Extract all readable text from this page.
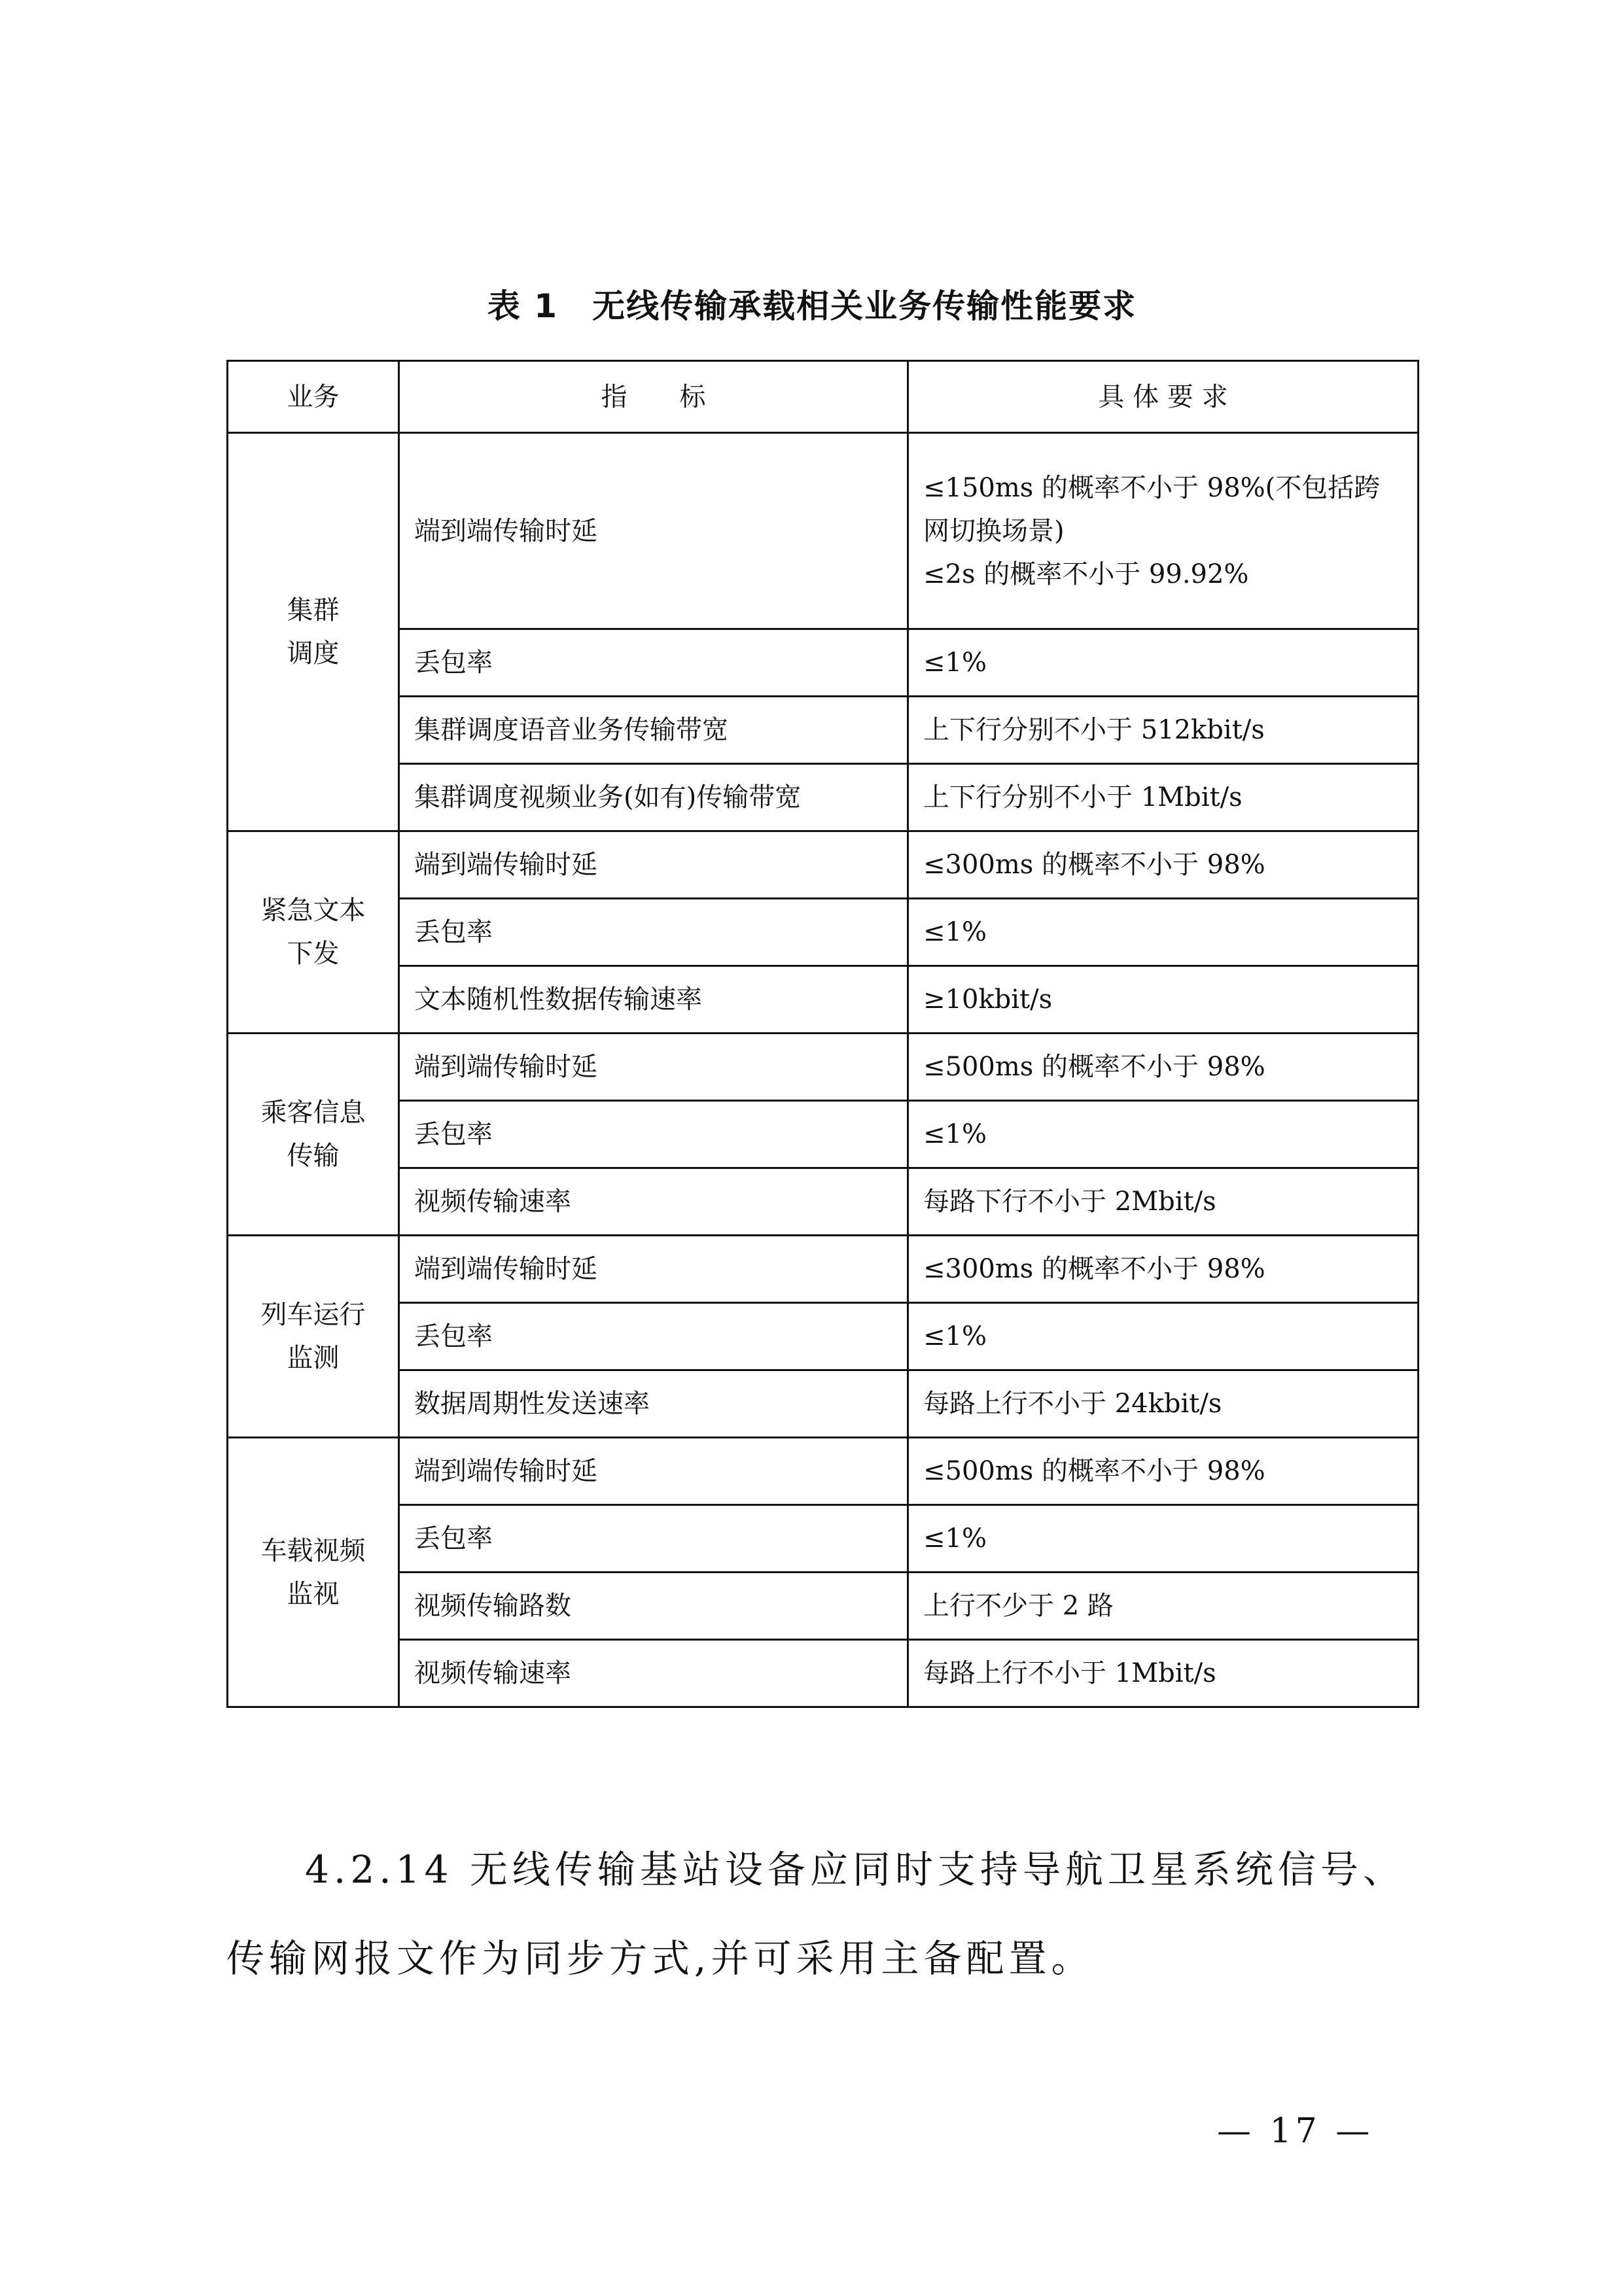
表 1　无线传输承载相关业务传输性能要求
业务	指　　标	具 体 要 求
集群
调度	端到端传输时延	≤150ms 的概率不小于 98%(不包括跨网切换场景)
≤2s 的概率不小于 99.92%
	丢包率	≤1%
	集群调度语音业务传输带宽	上下行分别不小于 512kbit/s
	集群调度视频业务(如有)传输带宽	上下行分别不小于 1Mbit/s
紧急文本
下发	端到端传输时延	≤300ms 的概率不小于 98%
	丢包率	≤1%
	文本随机性数据传输速率	≥10kbit/s
乘客信息
传输	端到端传输时延	≤500ms 的概率不小于 98%
	丢包率	≤1%
	视频传输速率	每路下行不小于 2Mbit/s
列车运行
监测	端到端传输时延	≤300ms 的概率不小于 98%
	丢包率	≤1%
	数据周期性发送速率	每路上行不小于 24kbit/s
车载视频
监视	端到端传输时延	≤500ms 的概率不小于 98%
	丢包率	≤1%
	视频传输路数	上行不少于 2 路
	视频传输速率	每路上行不小于 1Mbit/s
4.2.14 无线传输基站设备应同时支持导航卫星系统信号、传输网报文作为同步方式,并可采用主备配置。
— 17 —
